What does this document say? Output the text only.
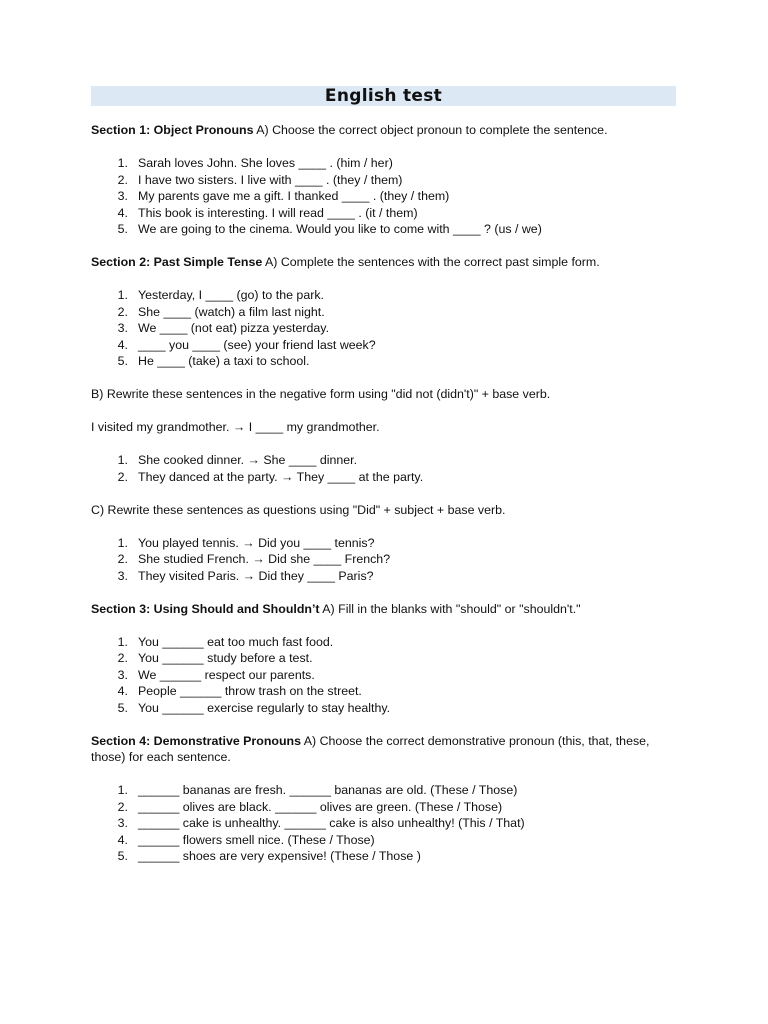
English test

Section 1: Object Pronouns A) Choose the correct object pronoun to complete the sentence.

1. Sarah loves John. She loves ____ . (him / her)
2. I have two sisters. I live with ____ . (they / them)
3. My parents gave me a gift. I thanked ____ . (they / them)
4. This book is interesting. I will read ____ . (it / them)
5. We are going to the cinema. Would you like to come with ____ ? (us / we)

Section 2: Past Simple Tense A) Complete the sentences with the correct past simple form.

1. Yesterday, I ____ (go) to the park.
2. She ____ (watch) a film last night.
3. We ____ (not eat) pizza yesterday.
4. ____ you ____ (see) your friend last week?
5. He ____ (take) a taxi to school.

B) Rewrite these sentences in the negative form using "did not (didn't)" + base verb.

I visited my grandmother. → I ____ my grandmother.

1. She cooked dinner. → She ____ dinner.
2. They danced at the party. → They ____ at the party.

C) Rewrite these sentences as questions using "Did" + subject + base verb.

1. You played tennis. → Did you ____ tennis?
2. She studied French. → Did she ____ French?
3. They visited Paris. → Did they ____ Paris?

Section 3: Using Should and Shouldn’t A) Fill in the blanks with "should" or "shouldn't."

1. You ______ eat too much fast food.
2. You ______ study before a test.
3. We ______ respect our parents.
4. People ______ throw trash on the street.
5. You ______ exercise regularly to stay healthy.

Section 4: Demonstrative Pronouns A) Choose the correct demonstrative pronoun (this, that, these, those) for each sentence.

1. ______ bananas are fresh. ______ bananas are old. (These / Those)
2. ______ olives are black. ______ olives are green. (These / Those)
3. ______ cake is unhealthy. ______ cake is also unhealthy! (This / That)
4. ______ flowers smell nice. (These / Those)
5. ______ shoes are very expensive! (These / Those )
